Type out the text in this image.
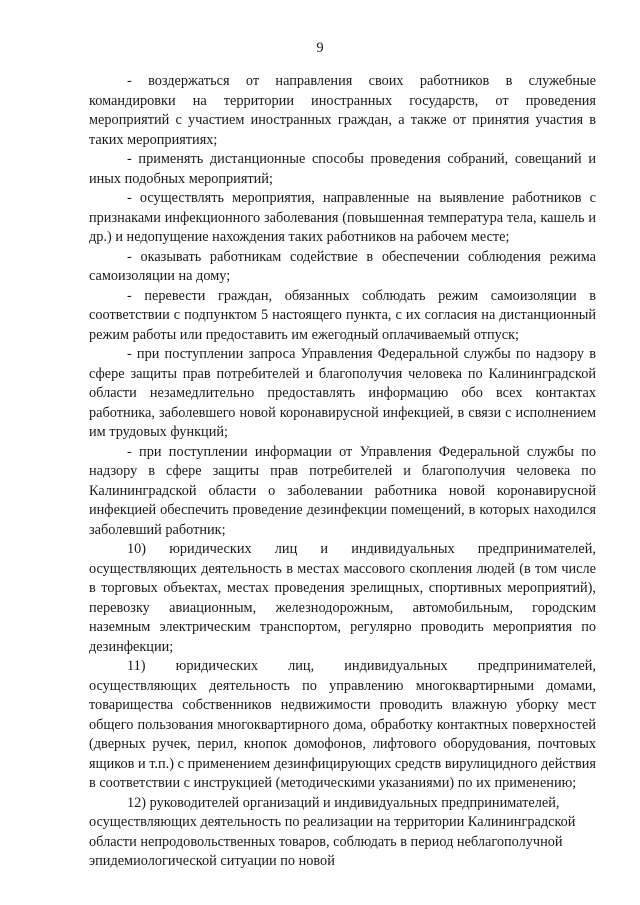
9

- воздержаться от направления своих работников в служебные командировки на территории иностранных государств, от проведения мероприятий с участием иностранных граждан, а также от принятия участия в таких мероприятиях;

- применять дистанционные способы проведения собраний, совещаний и иных подобных мероприятий;

- осуществлять мероприятия, направленные на выявление работников с признаками инфекционного заболевания (повышенная температура тела, кашель и др.) и недопущение нахождения таких работников на рабочем месте;

- оказывать работникам содействие в обеспечении соблюдения режима самоизоляции на дому;

- перевести граждан, обязанных соблюдать режим самоизоляции в соответствии с подпунктом 5 настоящего пункта, с их согласия на дистанционный режим работы или предоставить им ежегодный оплачиваемый отпуск;

- при поступлении запроса Управления Федеральной службы по надзору в сфере защиты прав потребителей и благополучия человека по Калининградской области незамедлительно предоставлять информацию обо всех контактах работника, заболевшего новой коронавирусной инфекцией, в связи с исполнением им трудовых функций;

- при поступлении информации от Управления Федеральной службы по надзору в сфере защиты прав потребителей и благополучия человека по Калининградской области о заболевании работника новой коронавирусной инфекцией обеспечить проведение дезинфекции помещений, в которых находился заболевший работник;

10) юридических лиц и индивидуальных предпринимателей, осуществляющих деятельность в местах массового скопления людей (в том числе в торговых объектах, местах проведения зрелищных, спортивных мероприятий), перевозку авиационным, железнодорожным, автомобильным, городским наземным электрическим транспортом, регулярно проводить мероприятия по дезинфекции;

11) юридических лиц, индивидуальных предпринимателей, осуществляющих деятельность по управлению многоквартирными домами, товарищества собственников недвижимости проводить влажную уборку мест общего пользования многоквартирного дома, обработку контактных поверхностей (дверных ручек, перил, кнопок домофонов, лифтового оборудования, почтовых ящиков и т.п.) с применением дезинфицирующих средств вирулицидного действия в соответствии с инструкцией (методическими указаниями) по их применению;

12) руководителей организаций и индивидуальных предпринимателей, осуществляющих деятельность по реализации на территории Калининградской области непродовольственных товаров, соблюдать в период неблагополучной эпидемиологической ситуации по новой
